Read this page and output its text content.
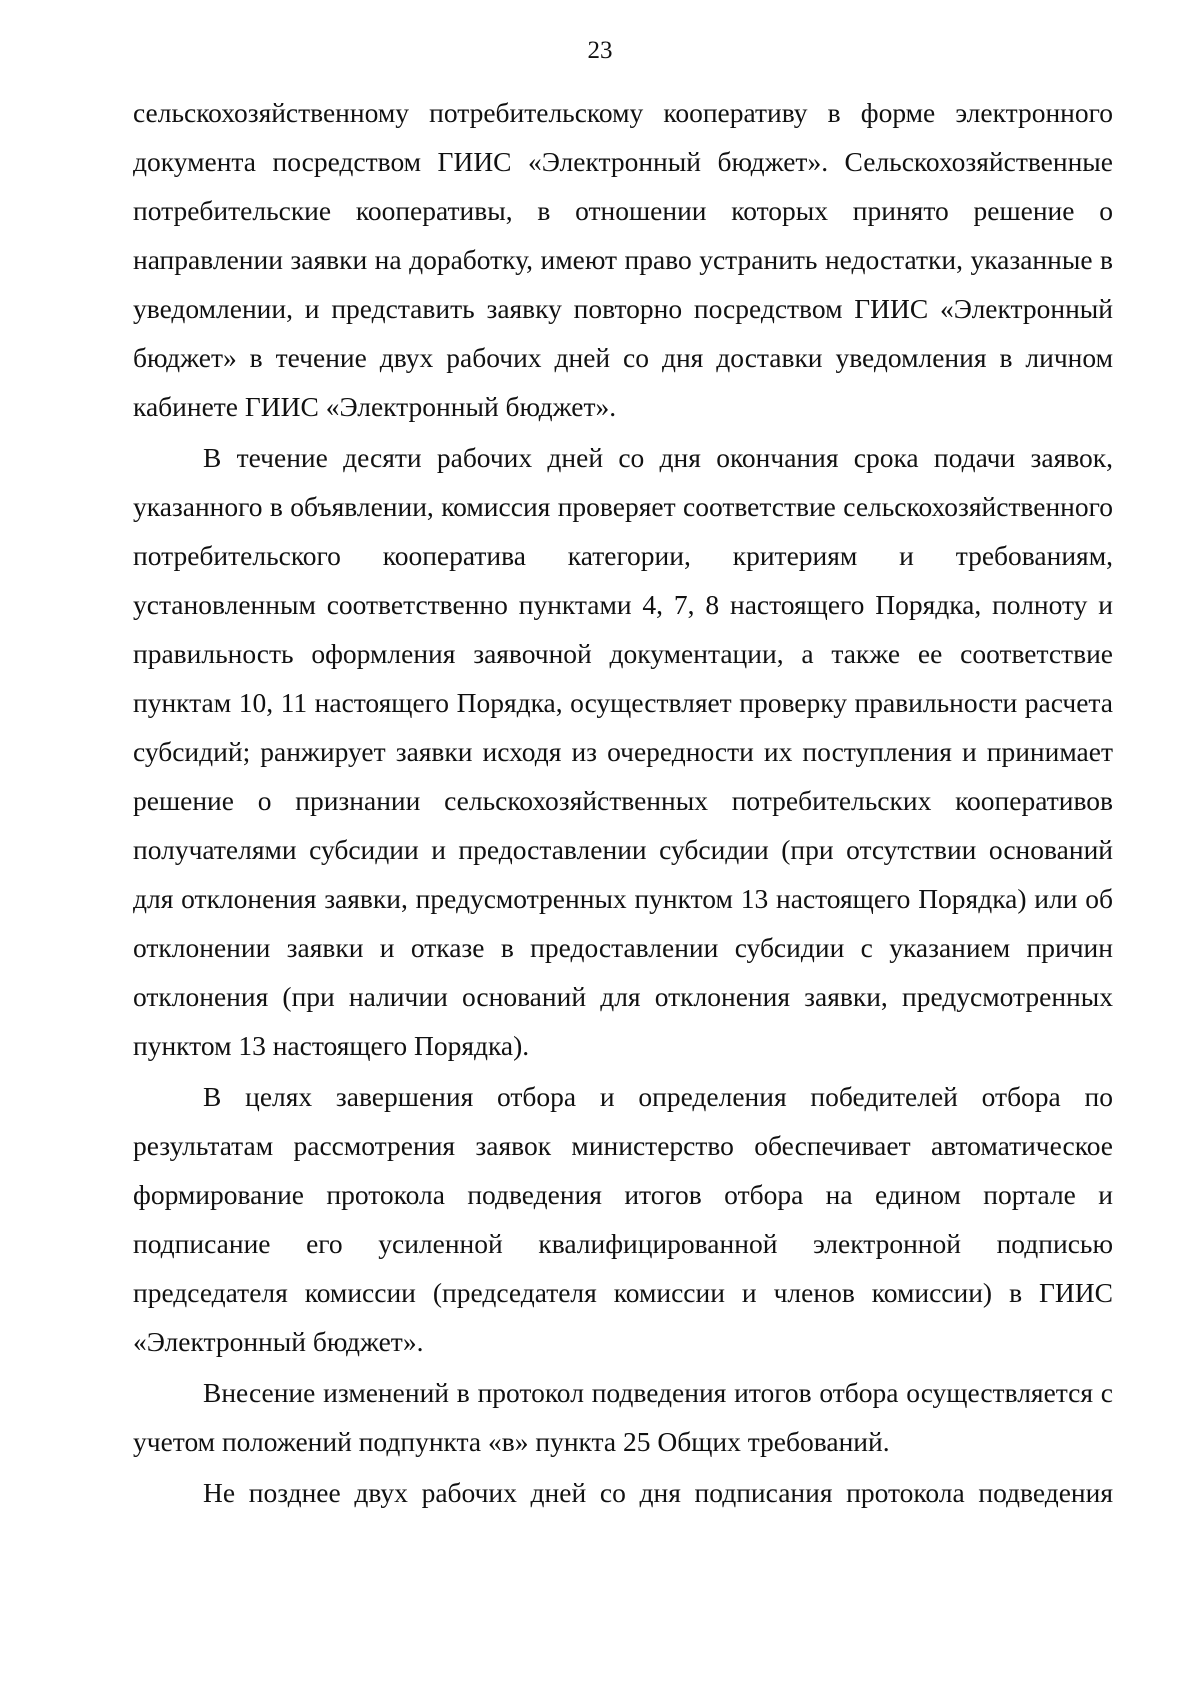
23

сельскохозяйственному потребительскому кооперативу в форме электронного документа посредством ГИИС «Электронный бюджет». Сельскохозяйственные потребительские кооперативы, в отношении которых принято решение о направлении заявки на доработку, имеют право устранить недостатки, указанные в уведомлении, и представить заявку повторно посредством ГИИС «Электронный бюджет» в течение двух рабочих дней со дня доставки уведомления в личном кабинете ГИИС «Электронный бюджет».

В течение десяти рабочих дней со дня окончания срока подачи заявок, указанного в объявлении, комиссия проверяет соответствие сельскохозяйственного потребительского кооператива категории, критериям и требованиям, установленным соответственно пунктами 4, 7, 8 настоящего Порядка, полноту и правильность оформления заявочной документации, а также ее соответствие пунктам 10, 11 настоящего Порядка, осуществляет проверку правильности расчета субсидий; ранжирует заявки исходя из очередности их поступления и принимает решение о признании сельскохозяйственных потребительских кооперативов получателями субсидии и предоставлении субсидии (при отсутствии оснований для отклонения заявки, предусмотренных пунктом 13 настоящего Порядка) или об отклонении заявки и отказе в предоставлении субсидии с указанием причин отклонения (при наличии оснований для отклонения заявки, предусмотренных пунктом 13 настоящего Порядка).

В целях завершения отбора и определения победителей отбора по результатам рассмотрения заявок министерство обеспечивает автоматическое формирование протокола подведения итогов отбора на едином портале и подписание его усиленной квалифицированной электронной подписью председателя комиссии (председателя комиссии и членов комиссии) в ГИИС «Электронный бюджет».

Внесение изменений в протокол подведения итогов отбора осуществляется с учетом положений подпункта «в» пункта 25 Общих требований.

Не позднее двух рабочих дней со дня подписания протокола подведения
